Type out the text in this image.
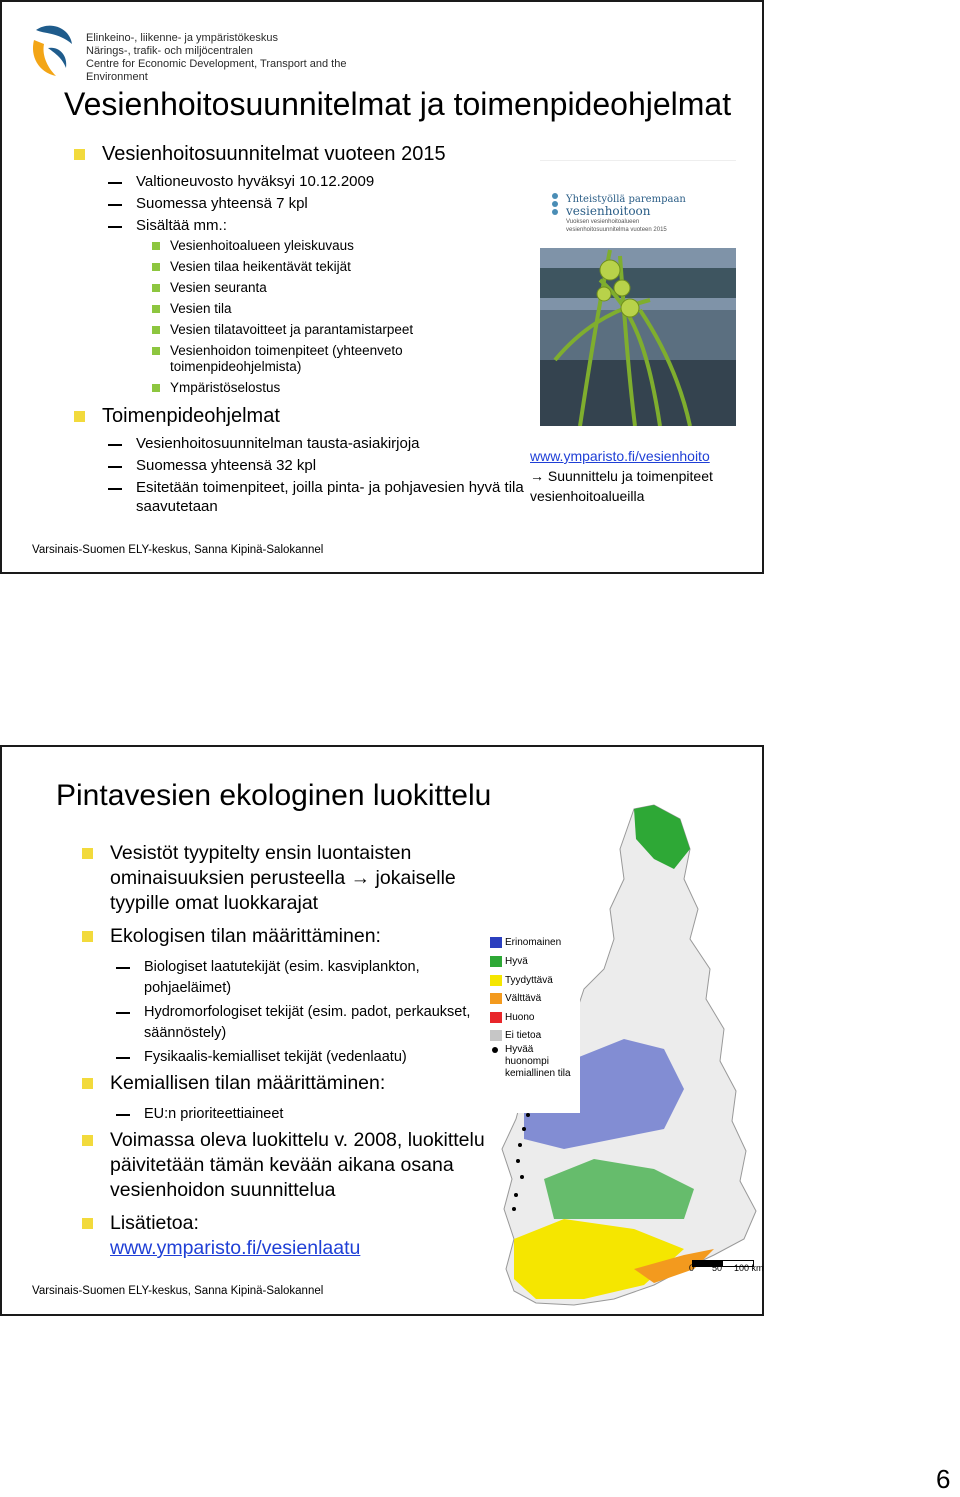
Elinkeino-, liikenne- ja ympäristökeskus
Närings-, trafik- och miljöcentralen
Centre for Economic Development, Transport and the Environment
Vesienhoitosuunnitelmat ja toimenpideohjelmat
Vesienhoitosuunnitelmat vuoteen 2015
Valtioneuvosto hyväksyi 10.12.2009
Suomessa yhteensä 7 kpl
Sisältää mm.:
Vesienhoitoalueen yleiskuvaus
Vesien tilaa heikentävät tekijät
Vesien seuranta
Vesien tila
Vesien tilatavoitteet ja parantamistarpeet
Vesienhoidon toimenpiteet (yhteenveto toimenpideohjelmista)
Ympäristöselostus
Toimenpideohjelmat
Vesienhoitosuunnitelman tausta-asiakirjoja
Suomessa yhteensä 32 kpl
Esitetään toimenpiteet, joilla pinta- ja pohjavesien hyvä tila saavutetaan
Yhteistyöllä parempaan
vesienhoitoon
Vuoksen vesienhoitoalueen
vesienhoitosuunnitelma vuoteen 2015
www.ymparisto.fi/vesienhoito
→ Suunnittelu ja toimenpiteet vesienhoitoalueilla
Varsinais-Suomen ELY-keskus, Sanna Kipinä-Salokannel
Pintavesien ekologinen luokittelu
Vesistöt tyypitelty ensin luontaisten ominaisuuksien perusteella → jokaiselle tyypille omat luokkarajat
Ekologisen tilan määrittäminen:
Biologiset laatutekijät (esim. kasviplankton, pohjaeläimet)
Hydromorfologiset tekijät (esim. padot, perkaukset, säännöstely)
Fysikaalis-kemialliset tekijät (vedenlaatu)
Kemiallisen tilan määrittäminen:
EU:n prioriteettiaineet
Voimassa oleva luokittelu v. 2008, luokittelu päivitetään tämän kevään aikana osana vesienhoidon suunnittelua
Lisätietoa:
www.ymparisto.fi/vesienlaatu
Erinomainen
Hyvä
Tyydyttävä
Välttävä
Huono
Ei tietoa
Hyvää huonompi kemiallinen tila
0 50 100 km
Varsinais-Suomen ELY-keskus, Sanna Kipinä-Salokannel
6
